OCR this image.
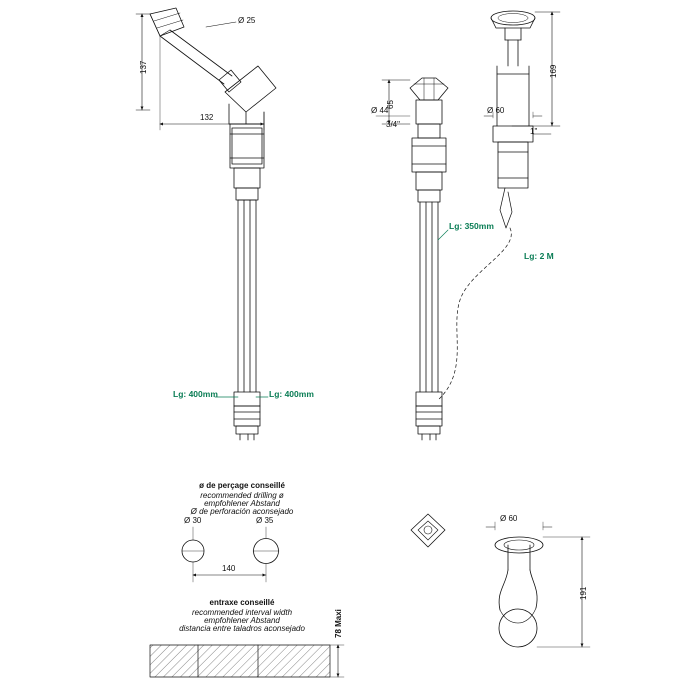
Ø 25
137
132
Lg: 400mm	Lg: 400mm
169
65
Ø 44
3/4"
Ø 60
1"
Lg: 350mm
Lg: 2 M
ø de perçage conseillé
recommended drilling ø
empfohlener Abstand
Ø de perforación aconsejado
Ø 30	Ø 35
140
entraxe conseillé
recommended interval width
empfohlener Abstand
distancia entre taladros aconsejado	78 Maxi
Ø 60
191
